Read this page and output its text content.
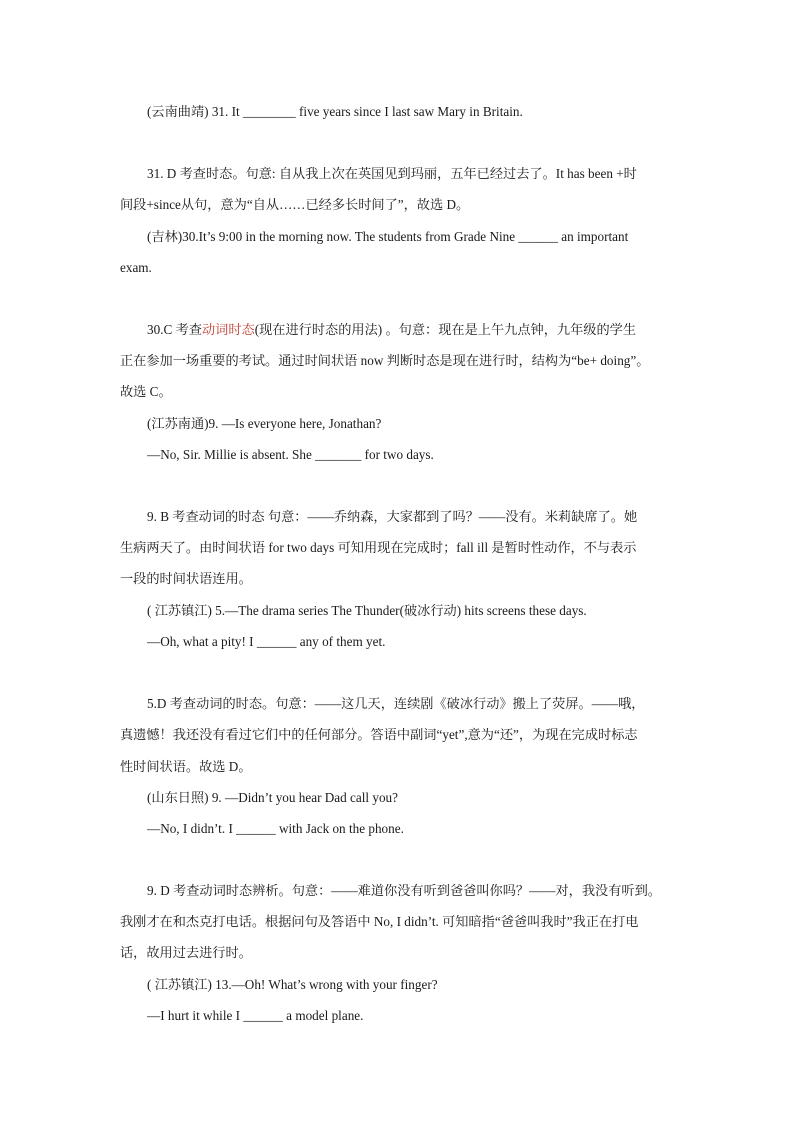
(云南曲靖) 31. It ________ five years since I last saw Mary in Britain.
31. D 考查时态。句意: 自从我上次在英国见到玛丽，五年已经过去了。It has been +时
间段+since从句，意为“自从……已经多长时间了”，故选 D。
(吉林)30.It’s 9:00 in the morning now. The students from Grade Nine ______ an important
exam.
30.C 考查动词时态(现在进行时态的用法) 。句意：现在是上午九点钟，九年级的学生
正在参加一场重要的考试。通过时间状语 now 判断时态是现在进行时，结构为“be+ doing”。
故选 C。
(江苏南通)9. —Is everyone here, Jonathan?
—No, Sir. Millie is absent. She _______ for two days.
9. B 考查动词的时态 句意：——乔纳森，大家都到了吗？——没有。米莉缺席了。她
生病两天了。由时间状语 for two days 可知用现在完成时；fall ill 是暂时性动作，不与表示
一段的时间状语连用。
( 江苏镇江) 5.—The drama series The Thunder(破冰行动) hits screens these days.
—Oh, what a pity! I ______ any of them yet.
5.D 考查动词的时态。句意：——这几天，连续剧《破冰行动》搬上了荧屏。——哦，
真遗憾！我还没有看过它们中的任何部分。答语中副词“yet”,意为“还”，为现在完成时标志
性时间状语。故选 D。
(山东日照) 9. —Didn’t you hear Dad call you?
—No, I didn’t. I ______ with Jack on the phone.
9. D 考查动词时态辨析。句意：——难道你没有听到爸爸叫你吗？——对，我没有听到。
我刚才在和杰克打电话。根据问句及答语中 No, I didn’t. 可知暗指“爸爸叫我时”我正在打电
话，故用过去进行时。
( 江苏镇江) 13.—Oh! What’s wrong with your finger?
—I hurt it while I ______ a model plane.
